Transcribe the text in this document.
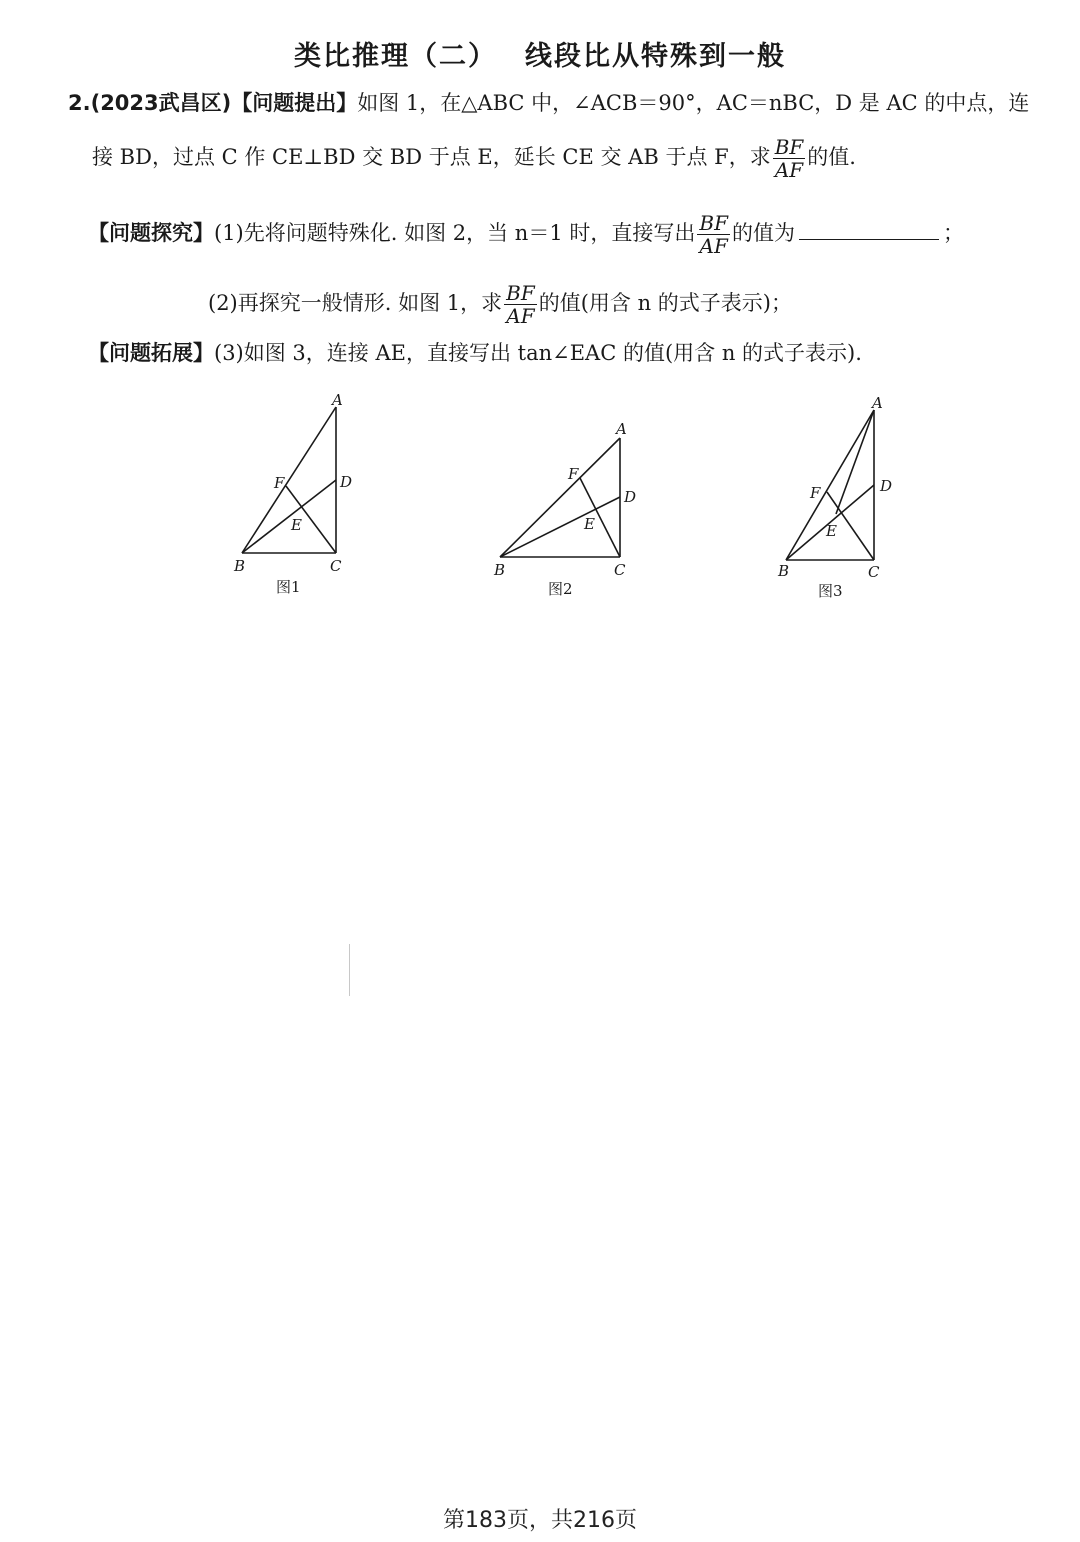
类比推理（二） 线段比从特殊到一般
2.(2023武昌区)【问题提出】如图 1，在△ABC 中，∠ACB＝90°，AC＝nBC，D 是 AC 的中点，连
接 BD，过点 C 作 CE⊥BD 交 BD 于点 E，延长 CE 交 AB 于点 F，求 $\frac{BF}{AF}$ 的值.
【问题探究】(1)先将问题特殊化. 如图 2，当 n＝1 时，直接写出 $\frac{BF}{AF}$ 的值为	；
(2)再探究一般情形. 如图 1，求 $\frac{BF}{AF}$ 的值(用含 n 的式子表示)；
【问题拓展】(3)如图 3，连接 AE，直接写出 tan∠EAC 的值(用含 n 的式子表示).
A
B	C
D
E
F
图1
A
B	C
D
E
F
图2
A
B	C
D
E
F
图3
第183页，共216页
